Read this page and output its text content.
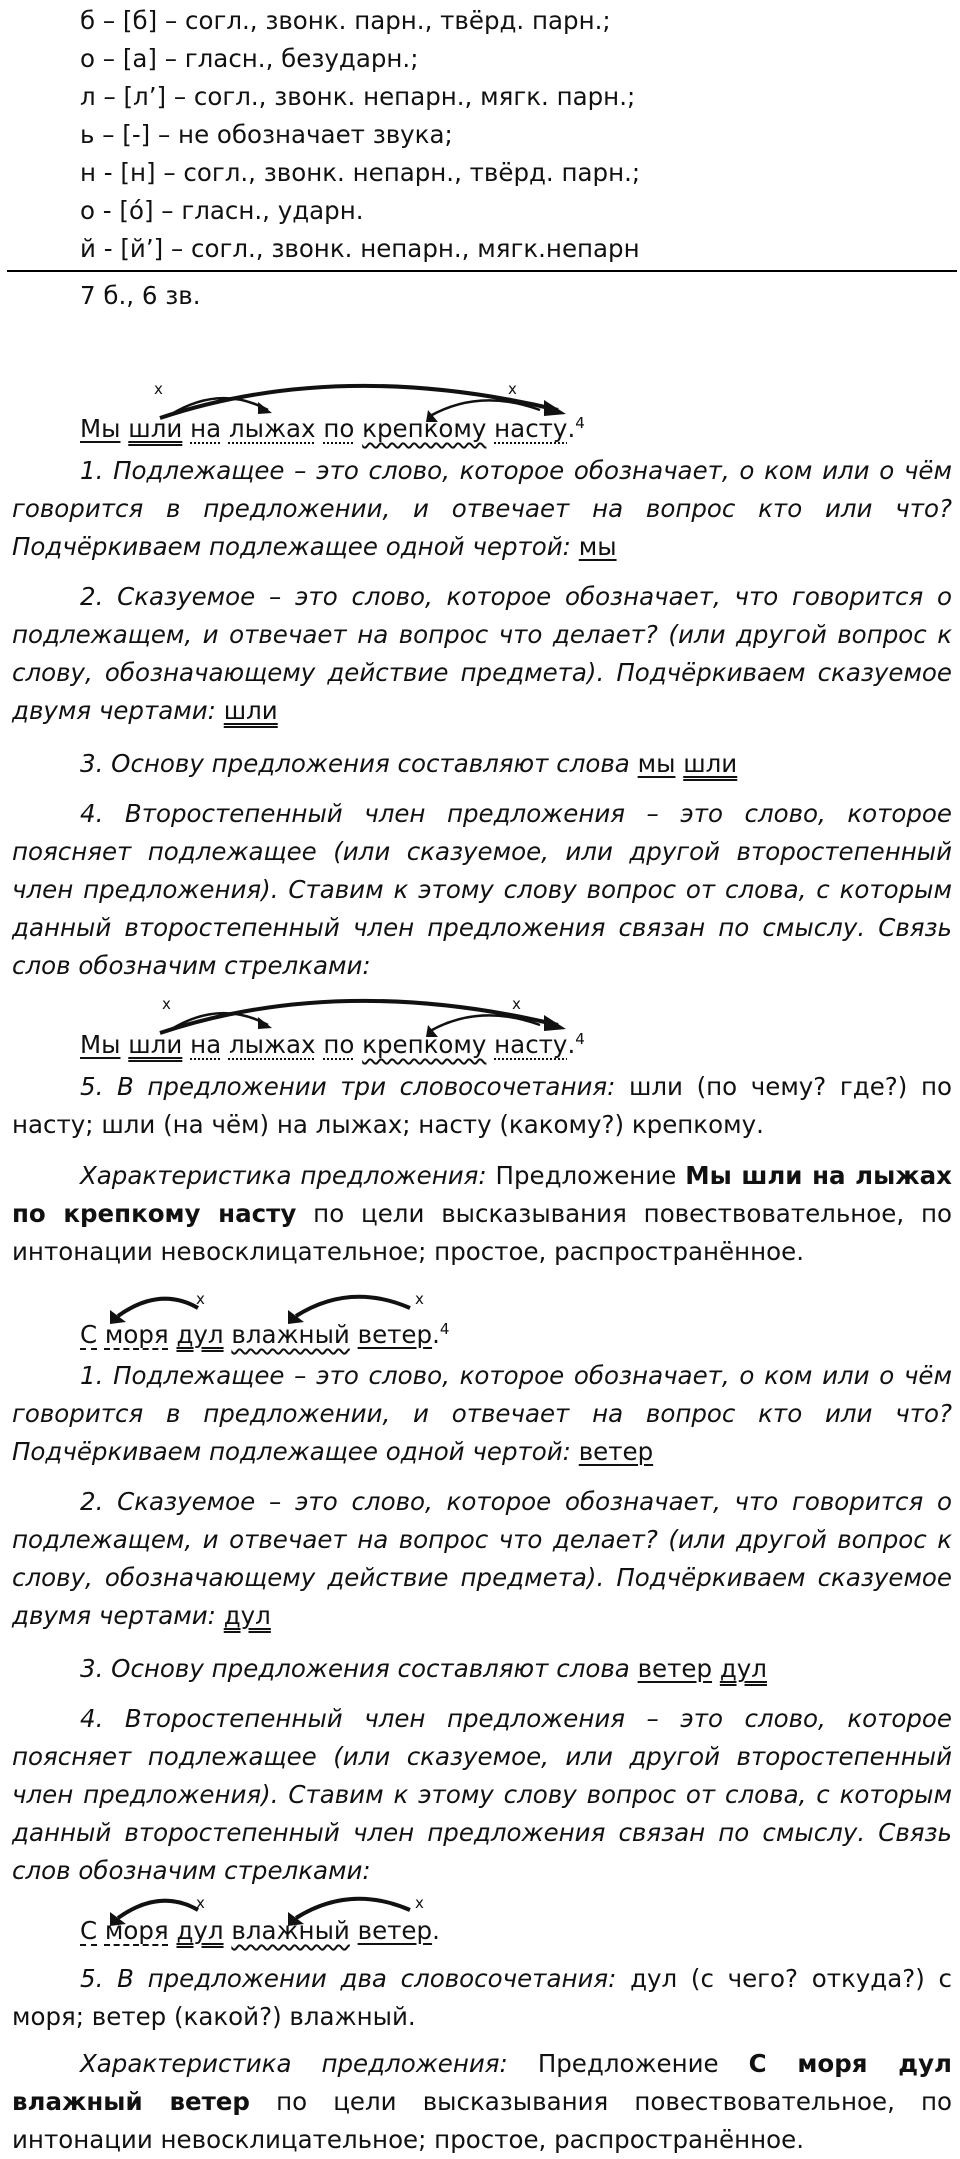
б – [б] – согл., звонк. парн., твёрд. парн.;

о – [а] – гласн., безударн.;

л – [л’] – согл., звонк. непарн., мягк. парн.;

ь – [-] – не обозначает звука;

н - [н] – согл., звонк. непарн., твёрд. парн.;

о - [ó] – гласн., ударн.

й - [й’] – согл., звонк. непарн., мягк.непарн

7 б., 6 зв.

x	x

Мы шли на лыжах по крепкому насту.$^4$

1. Подлежащее – это слово, которое обозначает, о ком или о чём говорится в предложении, и отвечает на вопрос кто или что? Подчёркиваем подлежащее одной чертой: мы

2. Сказуемое – это слово, которое обозначает, что говорится о подлежащем, и отвечает на вопрос что делает? (или другой вопрос к слову, обозначающему действие предмета). Подчёркиваем сказуемое двумя чертами: шли

3. Основу предложения составляют слова мы шли

4. Второстепенный член предложения – это слово, которое поясняет подлежащее (или сказуемое, или другой второстепенный член предложения). Ставим к этому слову вопрос от слова, с которым данный второстепенный член предложения связан по смыслу. Связь слов обозначим стрелками:

x	x

Мы шли на лыжах по крепкому насту.$^4$

5. В предложении три словосочетания: шли (по чему? где?) по насту; шли (на чём) на лыжах; насту (какому?) крепкому.

Характеристика предложения: Предложение Мы шли на лыжах по крепкому насту по цели высказывания повествовательное, по интонации невосклицательное; простое, распространённое.

x	x

С моря дул влажный ветер.$^4$

1. Подлежащее – это слово, которое обозначает, о ком или о чём говорится в предложении, и отвечает на вопрос кто или что? Подчёркиваем подлежащее одной чертой: ветер

2. Сказуемое – это слово, которое обозначает, что говорится о подлежащем, и отвечает на вопрос что делает? (или другой вопрос к слову, обозначающему действие предмета). Подчёркиваем сказуемое двумя чертами: дул

3. Основу предложения составляют слова ветер дул

4. Второстепенный член предложения – это слово, которое поясняет подлежащее (или сказуемое, или другой второстепенный член предложения). Ставим к этому слову вопрос от слова, с которым данный второстепенный член предложения связан по смыслу. Связь слов обозначим стрелками:

x	x

С моря дул влажный ветер.

5. В предложении два словосочетания: дул (с чего? откуда?) с моря; ветер (какой?) влажный.

Характеристика предложения: Предложение С моря дул влажный ветер по цели высказывания повествовательное, по интонации невосклицательное; простое, распространённое.
